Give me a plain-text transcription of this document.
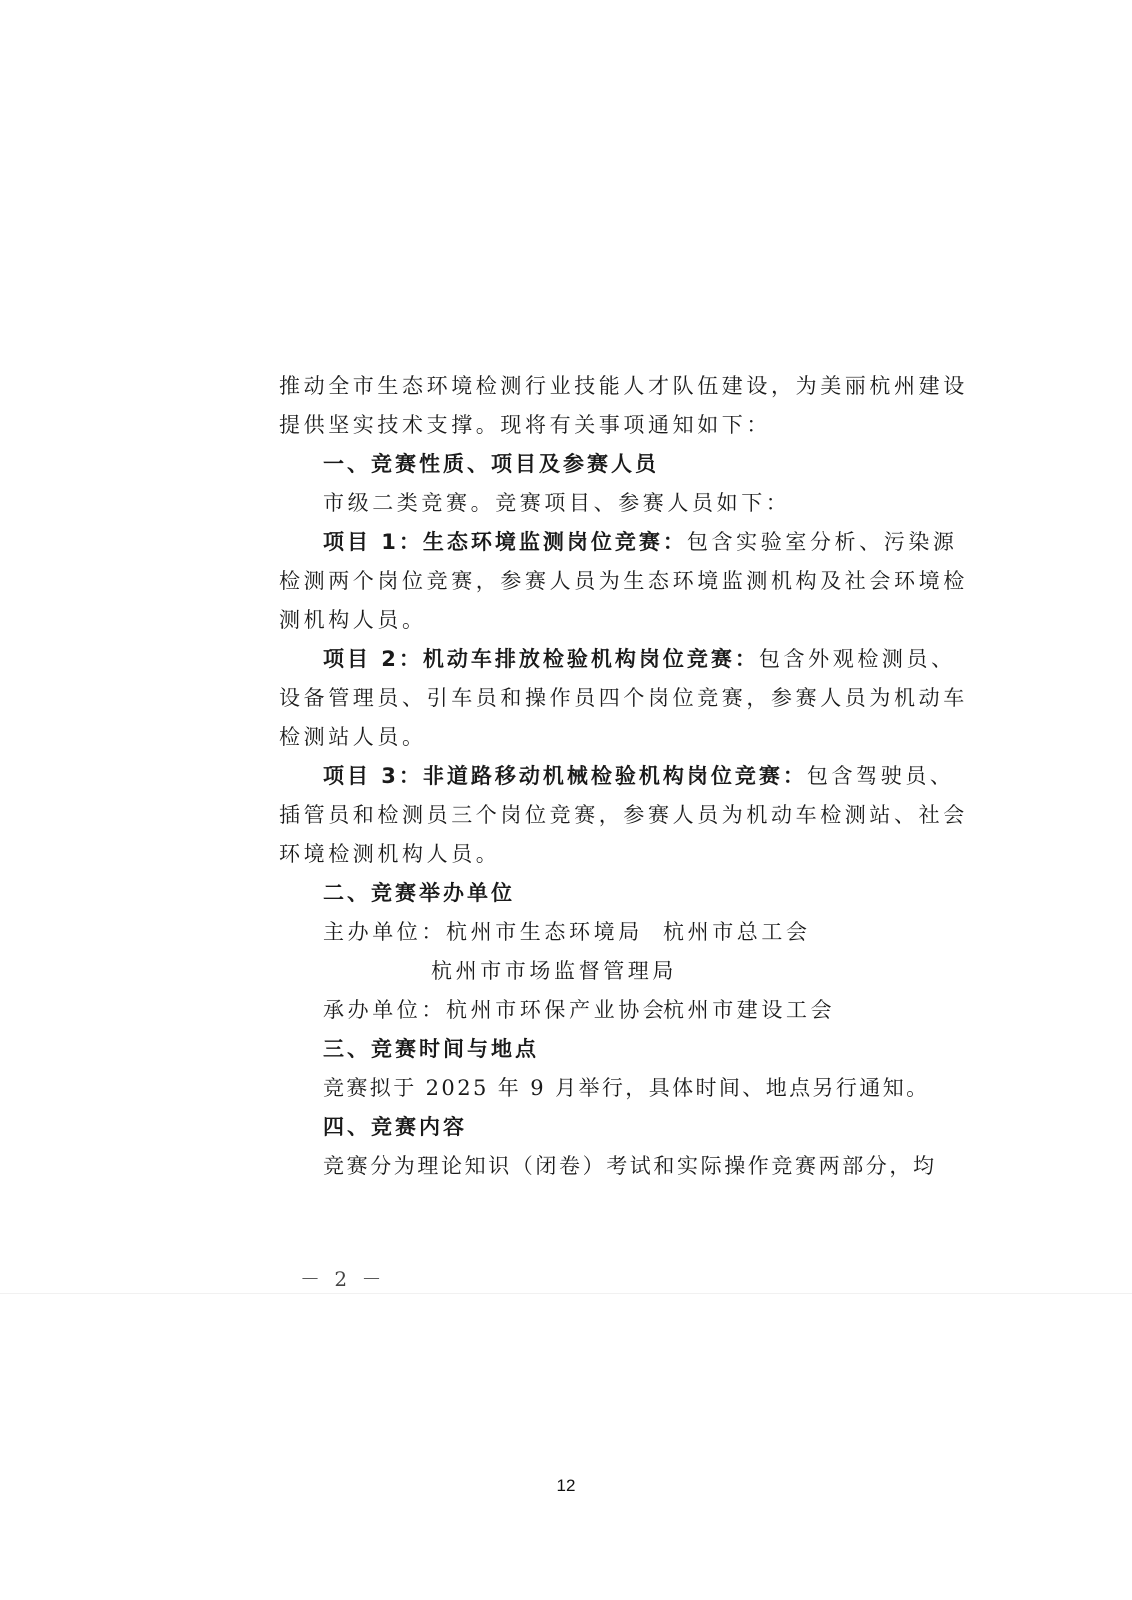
推动全市生态环境检测行业技能人才队伍建设，为美丽杭州建设
提供坚实技术支撑。现将有关事项通知如下：
一、竞赛性质、项目及参赛人员
市级二类竞赛。竞赛项目、参赛人员如下：
项目 1：生态环境监测岗位竞赛：包含实验室分析、污染源
检测两个岗位竞赛，参赛人员为生态环境监测机构及社会环境检
测机构人员。
项目 2：机动车排放检验机构岗位竞赛：包含外观检测员、
设备管理员、引车员和操作员四个岗位竞赛，参赛人员为机动车
检测站人员。
项目 3：非道路移动机械检验机构岗位竞赛：包含驾驶员、
插管员和检测员三个岗位竞赛，参赛人员为机动车检测站、社会
环境检测机构人员。
二、竞赛举办单位
主办单位：杭州市生态环境局 杭州市总工会
杭州市市场监督管理局
承办单位：杭州市环保产业协会
杭州市建设工会
三、竞赛时间与地点
竞赛拟于 2025 年 9 月举行，具体时间、地点另行通知。
四、竞赛内容
竞赛分为理论知识（闭卷）考试和实际操作竞赛两部分，均
－ 2 －
12
